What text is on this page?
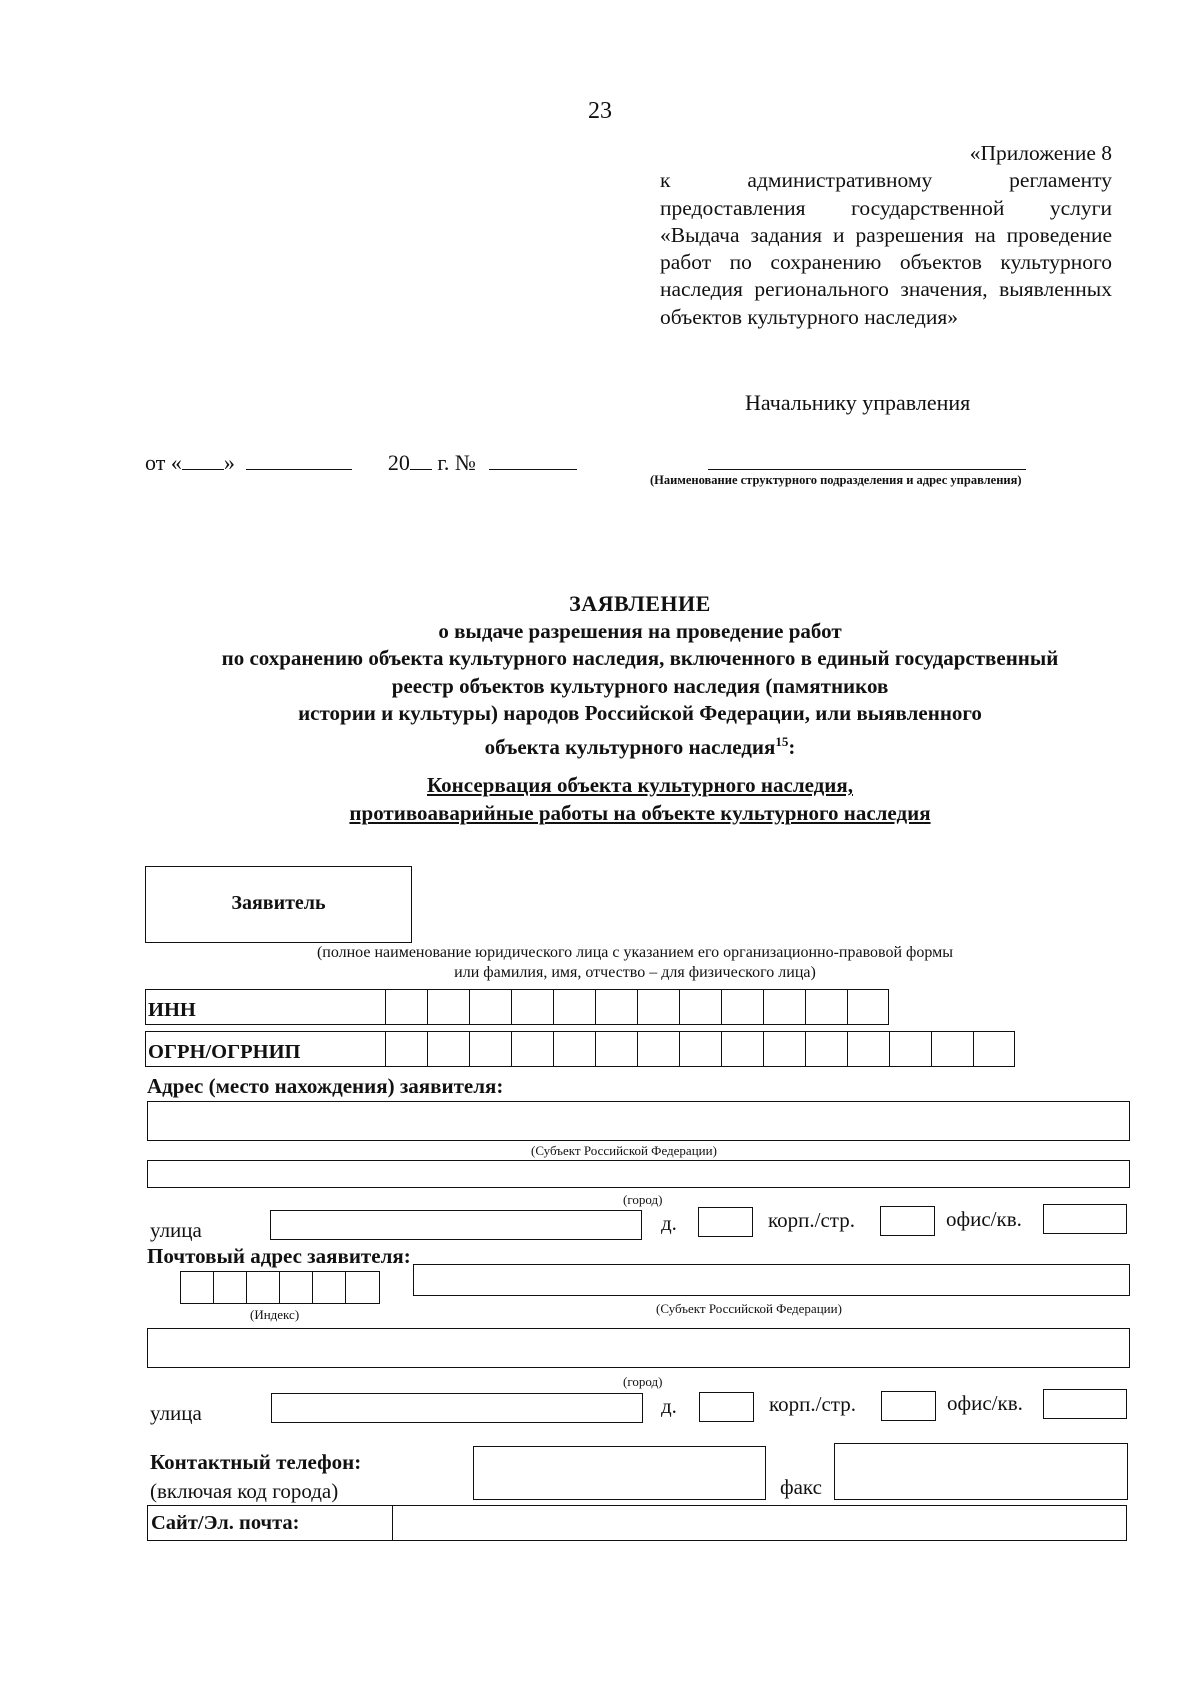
23
«Приложение 8
к административному регламенту предоставления государственной услуги «Выдача задания и разрешения на проведение работ по сохранению объектов культурного наследия регионального значения, выявленных объектов культурного наследия»
Начальнику управления
от « »	20 г. №
(Наименование структурного подразделения и адрес управления)
ЗАЯВЛЕНИЕ
о выдаче разрешения на проведение работ
по сохранению объекта культурного наследия, включенного в единый государственный
реестр объектов культурного наследия (памятников
истории и культуры) народов Российской Федерации, или выявленного
объекта культурного наследия$^{15}$:
Консервация объекта культурного наследия,
противоаварийные работы на объекте культурного наследия
Заявитель
(полное наименование юридического лица с указанием его организационно-правовой формы
или фамилия, имя, отчество – для физического лица)
ИНН
ОГРН/ОГРНИП
Адрес (место нахождения) заявителя:
(Субъект Российской Федерации)
(город)
улица	д.	корп./стр.	офис/кв.
Почтовый адрес заявителя:
(Индекс)	(Субъект Российской Федерации)
(город)
улица	д.	корп./стр.	офис/кв.
Контактный телефон:
(включая код города)	факс
Сайт/Эл. почта:
